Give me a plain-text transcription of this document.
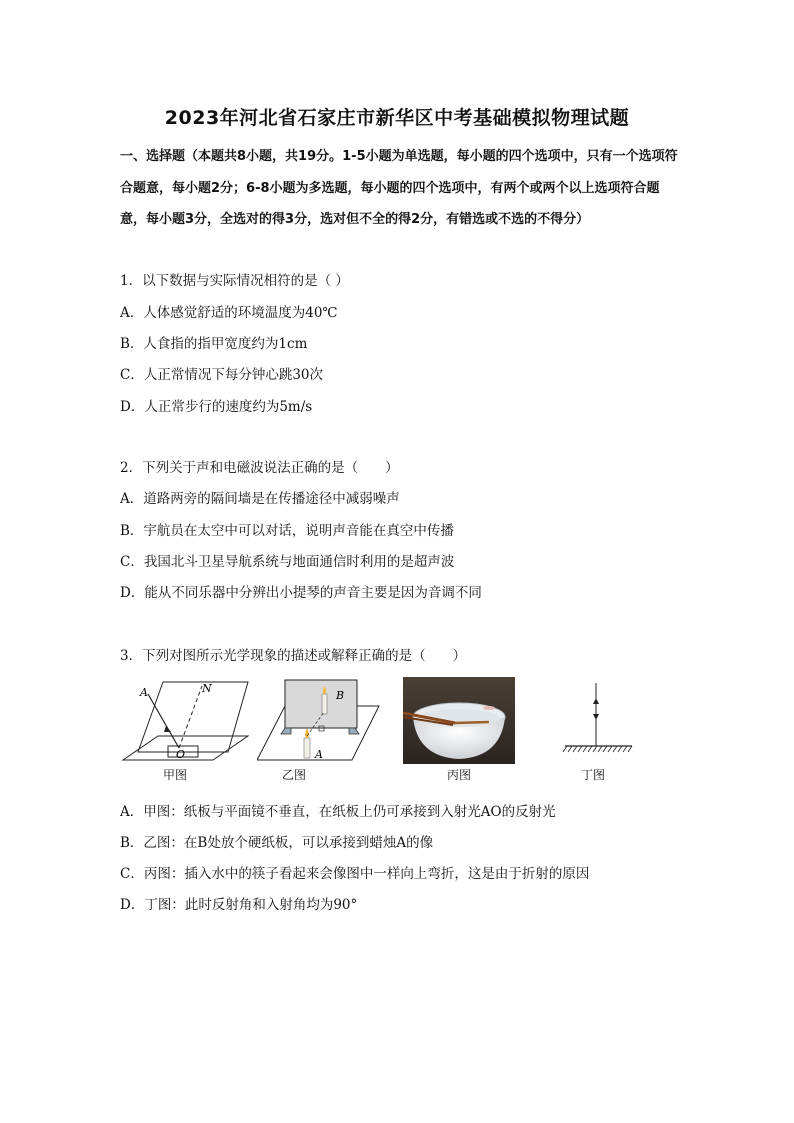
2023年河北省石家庄市新华区中考基础模拟物理试题
一、选择题（本题共8小题，共19分。1-5小题为单选题，每小题的四个选项中，只有一个选项符合题意，每小题2分；6-8小题为多选题，每小题的四个选项中，有两个或两个以上选项符合题意，每小题3分，全选对的得3分，选对但不全的得2分，有错选或不选的不得分）
1．以下数据与实际情况相符的是（ ）
A．人体感觉舒适的环境温度为40℃
B．人食指的指甲宽度约为1cm
C．人正常情况下每分钟心跳30次
D．人正常步行的速度约为5m/s
2．下列关于声和电磁波说法正确的是（　　）
A．道路两旁的隔间墙是在传播途径中减弱噪声
B．宇航员在太空中可以对话，说明声音能在真空中传播
C．我国北斗卫星导航系统与地面通信时利用的是超声波
D．能从不同乐器中分辨出小提琴的声音主要是因为音调不同
3．下列对图所示光学现象的描述或解释正确的是（　　）
A	N
O
甲图
B
A
乙图	丙图	丁图
A．甲图：纸板与平面镜不垂直，在纸板上仍可承接到入射光AO的反射光
B．乙图：在B处放个硬纸板，可以承接到蜡烛A的像
C．丙图：插入水中的筷子看起来会像图中一样向上弯折，这是由于折射的原因
D．丁图：此时反射角和入射角均为90°
